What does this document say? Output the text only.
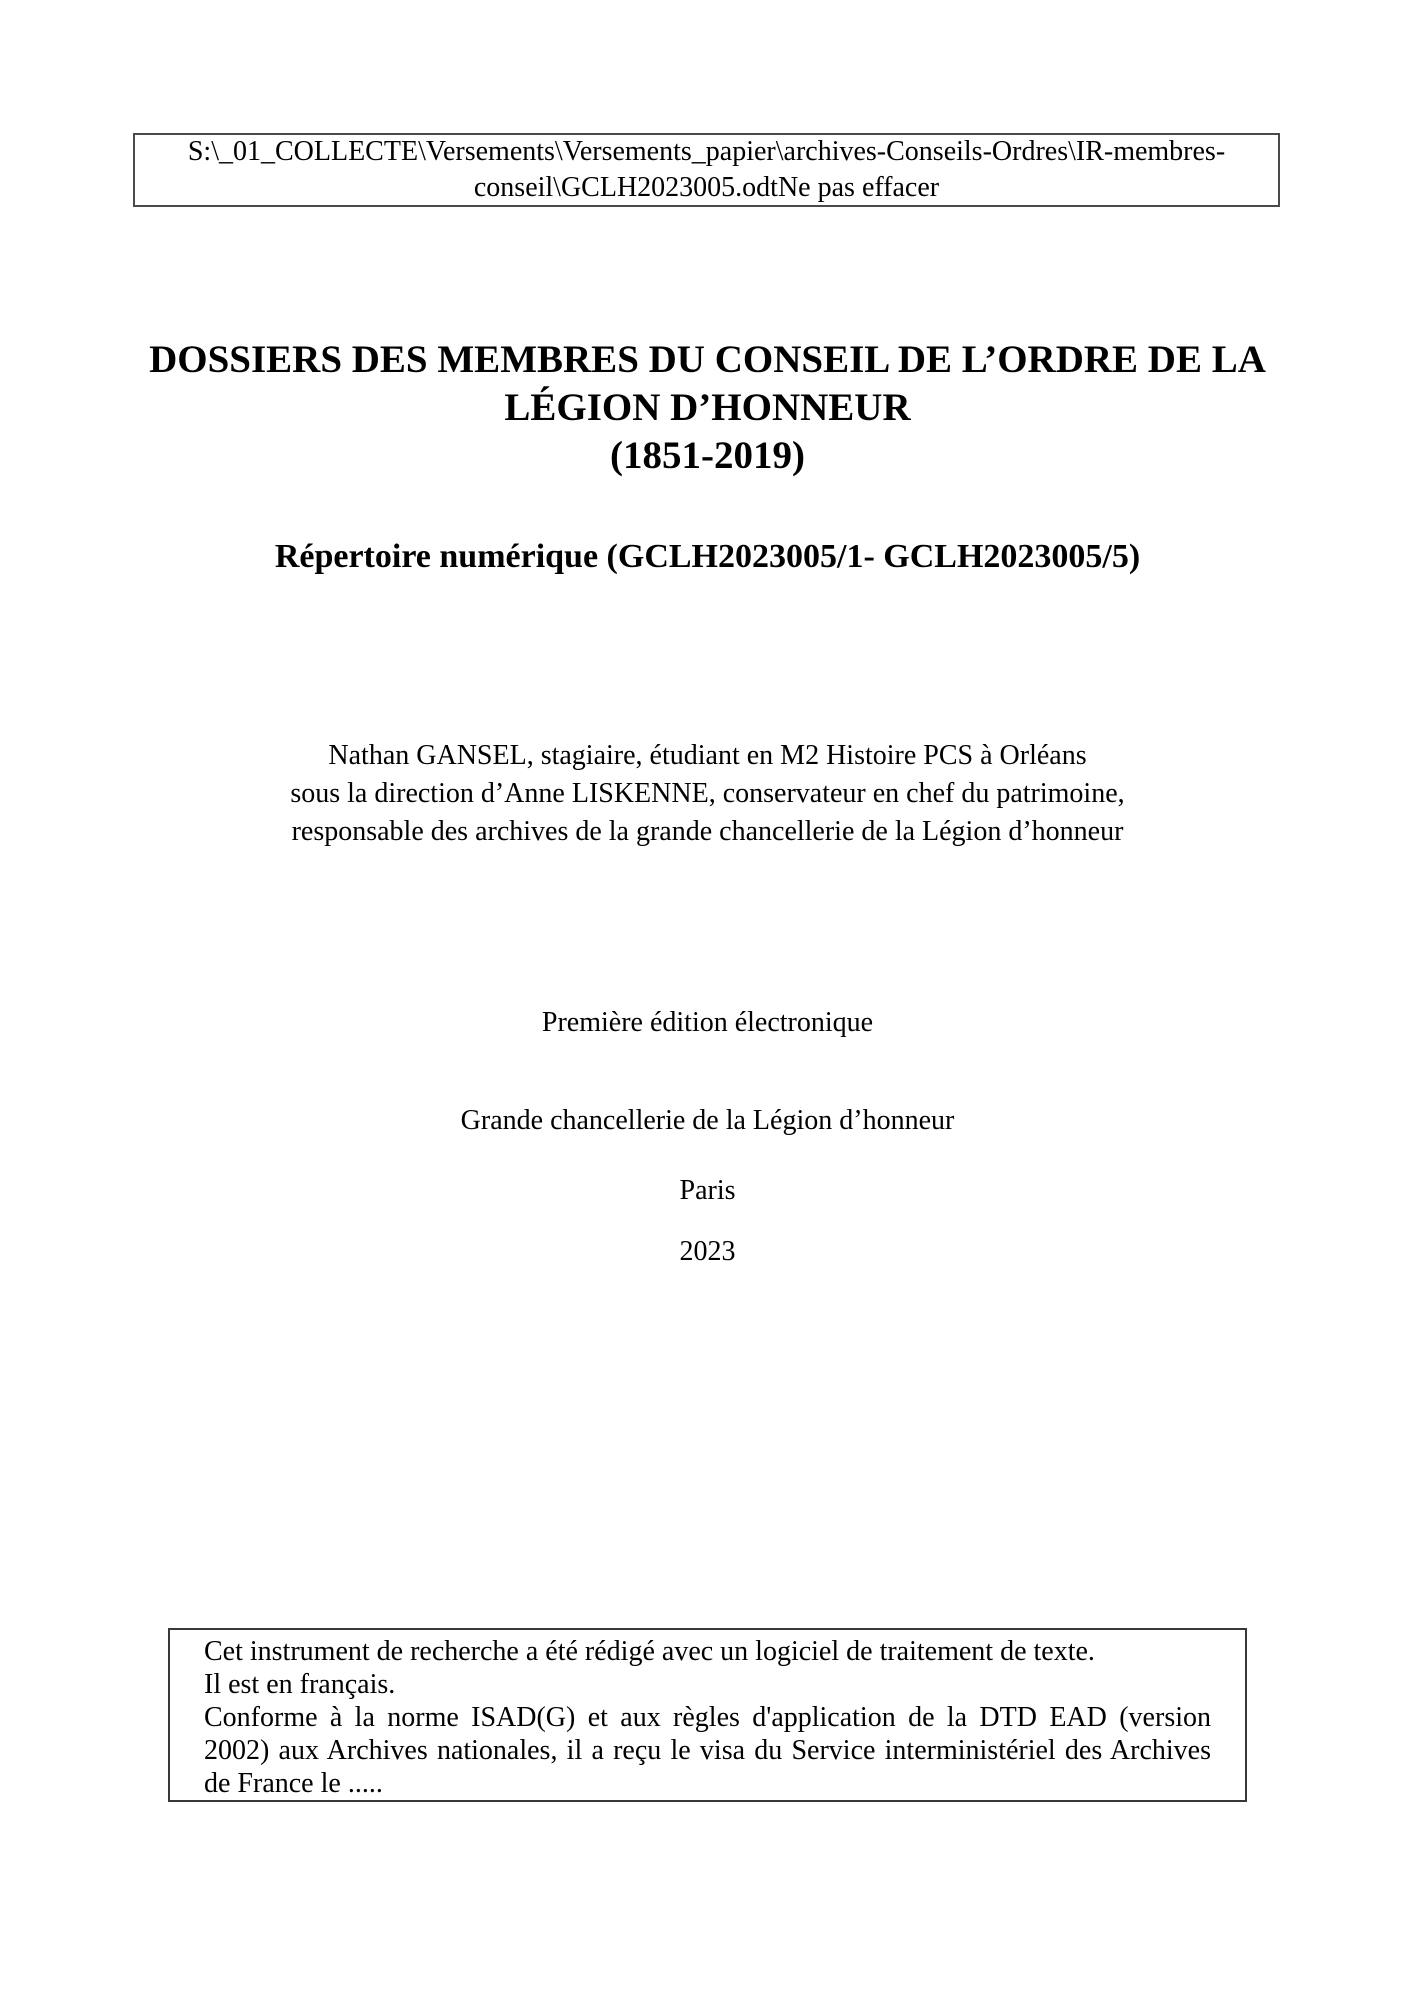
S:\_01_COLLECTE\Versements\Versements_papier\archives-Conseils-Ordres\IR-membres-
conseil\GCLH2023005.odtNe pas effacer
DOSSIERS DES MEMBRES DU CONSEIL DE L’ORDRE DE LA
LÉGION D’HONNEUR
(1851-2019)
Répertoire numérique (GCLH2023005/1- GCLH2023005/5)
Nathan GANSEL, stagiaire, étudiant en M2 Histoire PCS à Orléans
sous la direction d’Anne LISKENNE, conservateur en chef du patrimoine,
responsable des archives de la grande chancellerie de la Légion d’honneur
Première édition électronique
Grande chancellerie de la Légion d’honneur
Paris
2023

Cet instrument de recherche a été rédigé avec un logiciel de traitement de texte.

Il est en français.

Conforme à la norme ISAD(G) et aux règles d'application de la DTD EAD (version 2002) aux Archives nationales, il a reçu le visa du Service interministériel des Archives de France le .....
